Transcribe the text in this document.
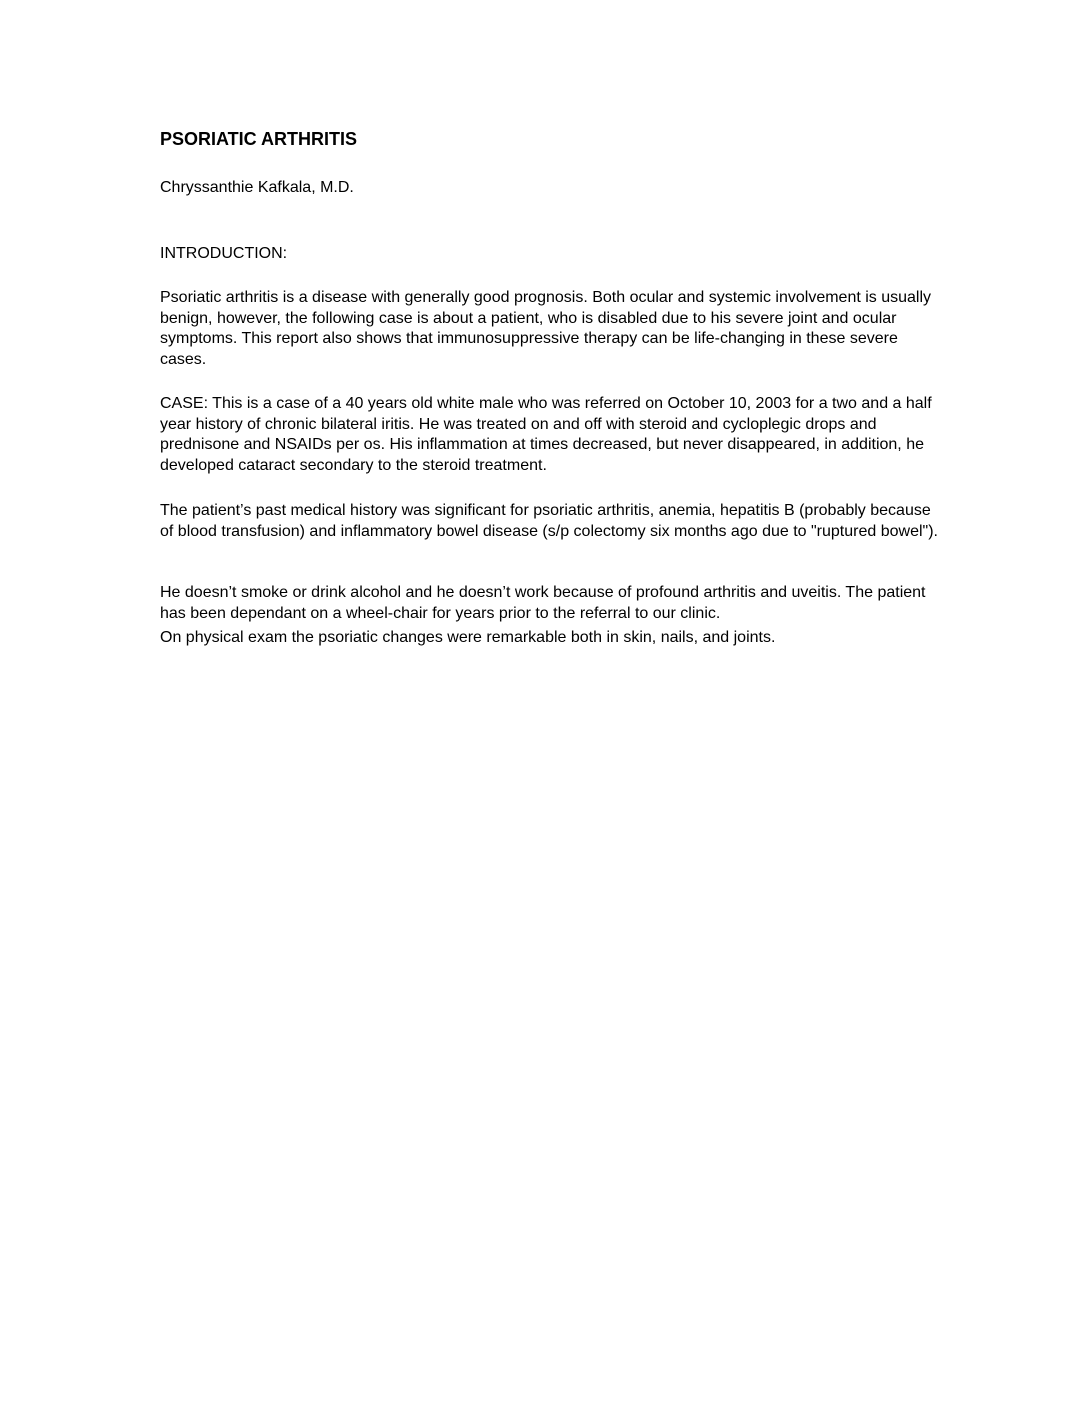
PSORIATIC ARTHRITIS

Chryssanthie Kafkala, M.D.

INTRODUCTION:

Psoriatic arthritis is a disease with generally good prognosis. Both ocular and systemic involvement is usually benign, however, the following case is about a patient, who is disabled due to his severe joint and ocular symptoms. This report also shows that immunosuppressive therapy can be life-changing in these severe cases.

CASE: This is a case of a 40 years old white male who was referred on October 10, 2003 for a two and a half year history of chronic bilateral iritis. He was treated on and off with steroid and cycloplegic drops and prednisone and NSAIDs per os. His inflammation at times decreased, but never disappeared, in addition, he developed cataract secondary to the steroid treatment.

The patient’s past medical history was significant for psoriatic arthritis, anemia, hepatitis B (probably because of blood transfusion) and inflammatory bowel disease (s/p colectomy six months ago due to "ruptured bowel").

He doesn’t smoke or drink alcohol and he doesn’t work because of profound arthritis and uveitis. The patient has been dependant on a wheel-chair for years prior to the referral to our clinic.

On physical exam the psoriatic changes were remarkable both in skin, nails, and joints.
